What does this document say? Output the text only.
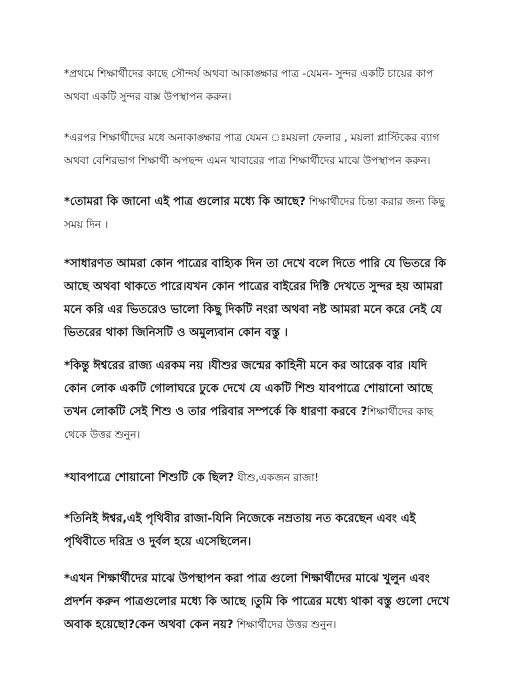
*প্রথমে শিক্ষার্থীদের কাছে সৌন্দর্য অথবা আকাঙ্ক্ষার পাত্র -যেমন- সুন্দর একটি চায়ের কাপ
অথবা একটি সুন্দর বাক্স উপস্থাপন করুন।

*এরপর শিক্ষার্থীদের মধে অনাকাঙ্ক্ষার পাত্র যেমন ঃময়লা ফেলার , ময়লা প্লাস্টিকের ব্যাগ
অথবা বেশিরভাগ শিক্ষার্থী অপছন্দ এমন খাবারের পাত্র শিক্ষার্থীদের মাঝে উপস্থাপন করুন।

*তোমরা কি জানো এই পাত্র গুলোর মধ্যে কি আছে? শিক্ষার্থীদের চিন্তা করার জন্য কিছু
সময় দিন ।

*সাধারণত আমরা কোন পাত্রের বাহ্যিক দিন তা দেখে বলে দিতে পারি যে ভিতরে কি
আছে অথবা থাকতে পারে।যখন কোন পাত্রের বাইরের দিক্টি দেখতে সুন্দর হয় আমরা
মনে করি এর ভিতরেও ভালো কিছু দিকটি নংরা অথবা নষ্ট আমরা মনে করে নেই যে
ভিতরের থাকা জিনিসটি ও অমুল্যবান কোন বস্তু ।

*কিন্তু ঈশ্বরের রাজ্য এরকম নয় ।যীশুর জন্মের কাহিনী মনে কর আরেক বার ।যদি
কোন লোক একটি গোলাঘরে ঢুকে দেখে যে একটি শিশু যাবপাত্রে শোয়ানো আছে
তখন লোকটি সেই শিশু ও তার পরিবার সম্পর্কে কি ধারণা করবে ?শিক্ষার্থীদের কাছ
থেকে উত্তর শুনুন।

*যাবপাত্রে শোয়ানো শিশুটি কে ছিল? যীশু,একজন রাজা!

*তিনিই ঈশ্বর,এই পৃথিবীর রাজা-যিনি নিজেকে নম্রতায় নত করেছেন এবং এই
পৃথিবীতে দরিদ্র ও দুর্বল হয়ে এসেছিলেন।

*এখন শিক্ষার্থীদের মাঝে উপস্থাপন করা পাত্র গুলো শিক্ষার্থীদের মাঝে খুলুন এবং
প্রদর্শন করুন পাত্রগুলোর মধ্যে কি আছে ।তুমি কি পাত্রের মধ্যে থাকা বস্তু গুলো দেখে
অবাক হয়েছো?কেন অথবা কেন নয়? শিক্ষার্থীদের উত্তর শুনুন।
